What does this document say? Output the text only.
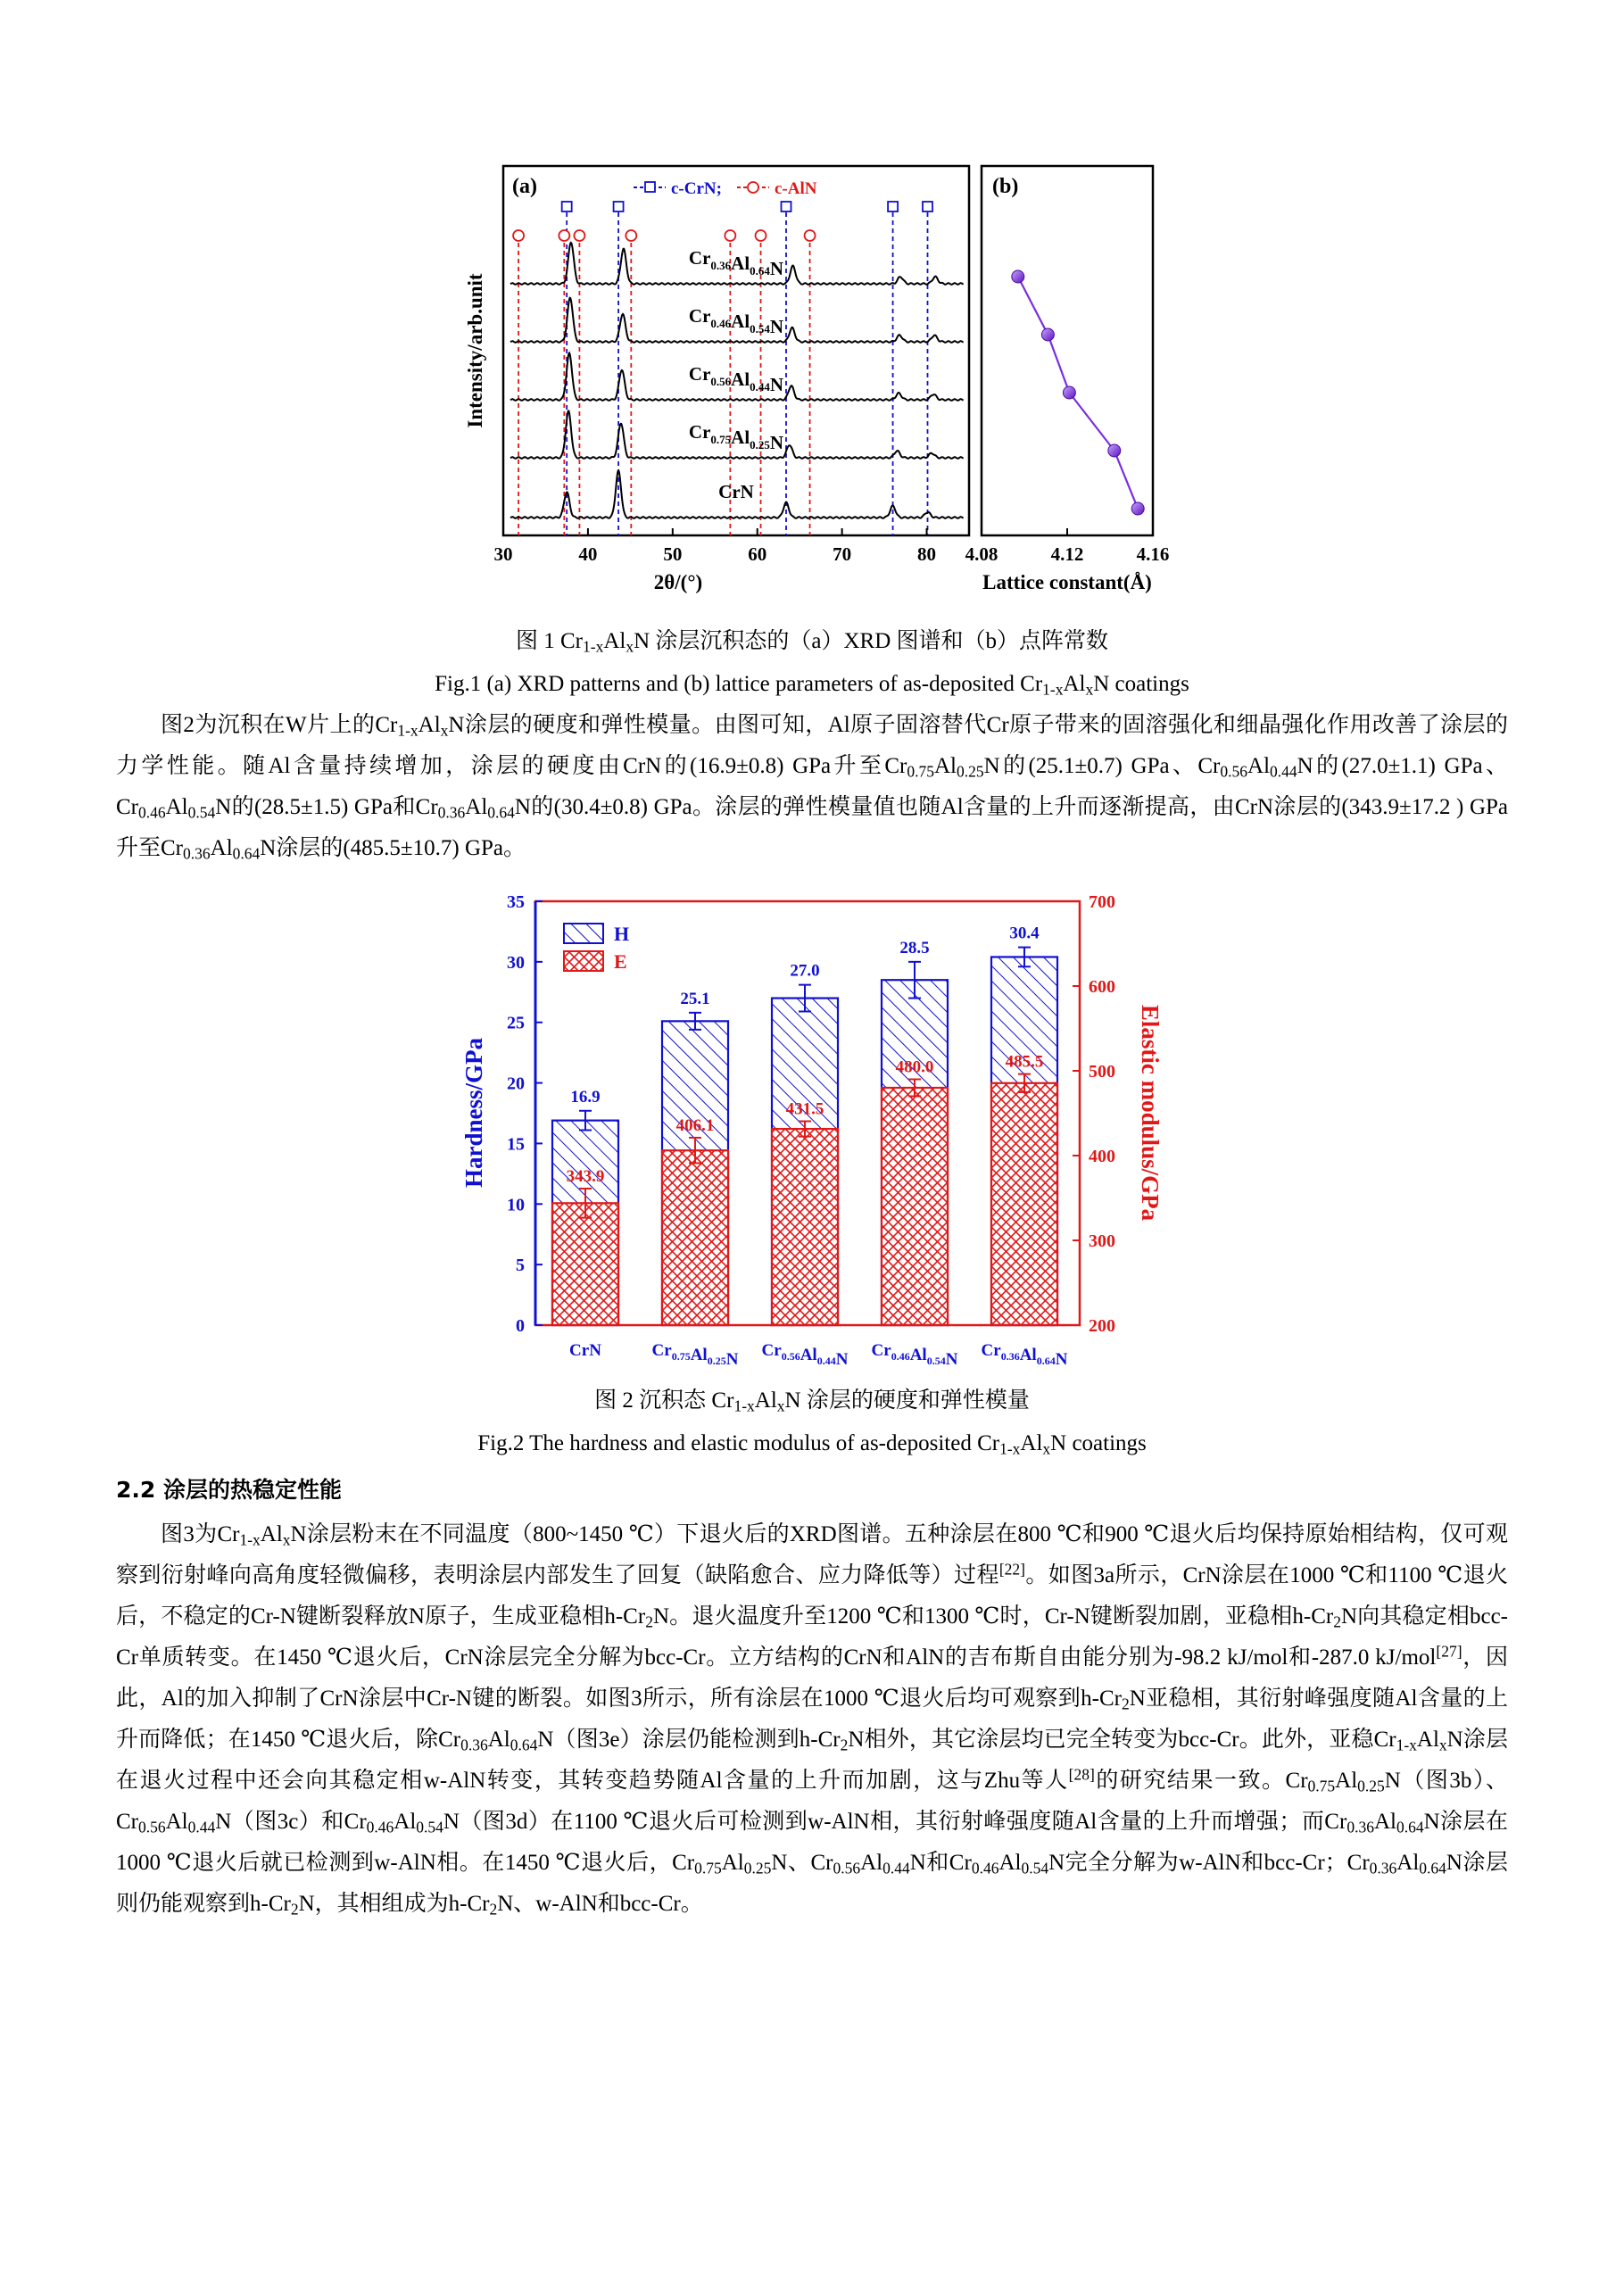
30	40	50	60	70	80
CrN
$Cr_{0.75}Al_{0.25}N$
$Cr_{0.56}Al_{0.44}N$
$Cr_{0.46}Al_{0.54}N$
$Cr_{0.36}Al_{0.64}N$
4.08	4.12	4.16
(a)	(b)
c-CrN;	c-AlN
Intensity/arb.unit
2θ/(°)	Lattice constant(Å)
图 1 $Cr_{1-x}Al_xN$ 涂层沉积态的（a）XRD 图谱和（b）点阵常数
Fig.1 (a) XRD patterns and (b) lattice parameters of as-deposited $Cr_{1-x}Al_xN$ coatings
图2为沉积在W片上的$Cr_{1-x}Al_xN$涂层的硬度和弹性模量。由图可知，Al原子固溶替代Cr原子带来的固溶强化和细晶强化作用改善了涂层的力学性能。随Al含量持续增加，涂层的硬度由CrN的(16.9±0.8) GPa升至$Cr_{0.75}Al_{0.25}N$的(25.1±0.7) GPa、$Cr_{0.56}Al_{0.44}N$的(27.0±1.1) GPa、$Cr_{0.46}Al_{0.54}N$的(28.5±1.5) GPa和$Cr_{0.36}Al_{0.64}N$的(30.4±0.8) GPa。涂层的弹性模量值也随Al含量的上升而逐渐提高，由CrN涂层的(343.9±17.2 ) GPa升至$Cr_{0.36}Al_{0.64}N$涂层的(485.5±10.7) GPa。
0
5
10
15
20
25
30
35
200
300
400
500
600
700
CrN	$Cr_{0.75}Al_{0.25}N$ $Cr_{0.56}Al_{0.44}N$ $Cr_{0.46}Al_{0.54}N$ $Cr_{0.36}Al_{0.64}N$
16.9
343.9
25.1
406.1
27.0
431.5
28.5
480.0
30.4
485.5
H
E
Hardness/GPa	Elastic modulus/GPa
图 2 沉积态 $Cr_{1-x}Al_xN$ 涂层的硬度和弹性模量
Fig.2 The hardness and elastic modulus of as-deposited $Cr_{1-x}Al_xN$ coatings
2.2 涂层的热稳定性能
图3为$Cr_{1-x}Al_xN$涂层粉末在不同温度（800~1450 ℃）下退火后的XRD图谱。五种涂层在800 ℃和900 ℃退火后均保持原始相结构，仅可观察到衍射峰向高角度轻微偏移，表明涂层内部发生了回复（缺陷愈合、应力降低等）过程[22]。如图3a所示，CrN涂层在1000 ℃和1100 ℃退火后，不稳定的Cr-N键断裂释放N原子，生成亚稳相$h-Cr_2N$。退火温度升至1200 ℃和1300 ℃时，Cr-N键断裂加剧，亚稳相$h-Cr_2N$向其稳定相bcc-Cr单质转变。在1450 ℃退火后，CrN涂层完全分解为bcc-Cr。立方结构的CrN和AlN的吉布斯自由能分别为-98.2 kJ/mol和-287.0 kJ/mol[27]，因此，Al的加入抑制了CrN涂层中Cr-N键的断裂。如图3所示，所有涂层在1000 ℃退火后均可观察到$h-Cr_2N$亚稳相，其衍射峰强度随Al含量的上升而降低；在1450 ℃退火后，除$Cr_{0.36}Al_{0.64}N$（图3e）涂层仍能检测到$h-Cr_2N$相外，其它涂层均已完全转变为bcc-Cr。此外，亚稳$Cr_{1-x}Al_xN$涂层在退火过程中还会向其稳定相w-AlN转变，其转变趋势随Al含量的上升而加剧，这与Zhu等人[28]的研究结果一致。$Cr_{0.75}Al_{0.25}N$（图3b）、$Cr_{0.56}Al_{0.44}N$（图3c）和$Cr_{0.46}Al_{0.54}N$（图3d）在1100 ℃退火后可检测到w-AlN相，其衍射峰强度随Al含量的上升而增强；而$Cr_{0.36}Al_{0.64}N$涂层在1000 ℃退火后就已检测到w-AlN相。在1450 ℃退火后，$Cr_{0.75}Al_{0.25}N$、$Cr_{0.56}Al_{0.44}N$和$Cr_{0.46}Al_{0.54}N$完全分解为w-AlN和bcc-Cr；$Cr_{0.36}Al_{0.64}N$涂层则仍能观察到$h-Cr_2N$，其相组成为$h-Cr_2N$、w-AlN和bcc-Cr。
